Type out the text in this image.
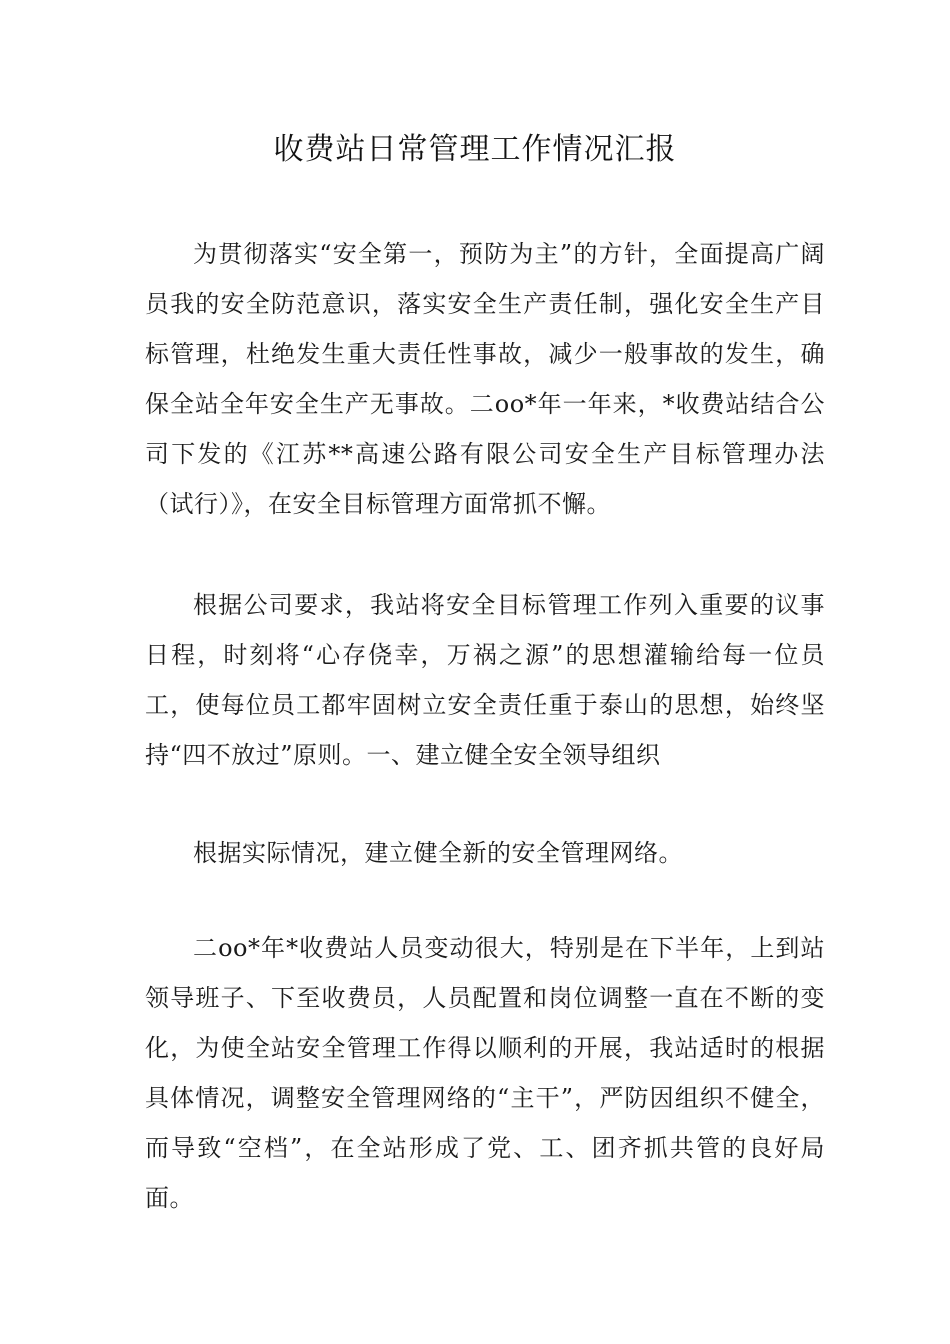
收费站日常管理工作情况汇报

为贯彻落实“安全第一，预防为主”的方针，全面提高广阔员我的安全防范意识，落实安全生产责任制，强化安全生产目标管理，杜绝发生重大责任性事故，减少一般事故的发生，确保全站全年安全生产无事故。二oo*年一年来，*收费站结合公司下发的《江苏**高速公路有限公司安全生产目标管理办法（试行）》，在安全目标管理方面常抓不懈。

根据公司要求，我站将安全目标管理工作列入重要的议事日程，时刻将“心存侥幸，万祸之源”的思想灌输给每一位员工，使每位员工都牢固树立安全责任重于泰山的思想，始终坚持“四不放过”原则。一、建立健全安全领导组织

根据实际情况，建立健全新的安全管理网络。

二oo*年*收费站人员变动很大，特别是在下半年，上到站领导班子、下至收费员，人员配置和岗位调整一直在不断的变化，为使全站安全管理工作得以顺利的开展，我站适时的根据具体情况，调整安全管理网络的“主干”，严防因组织不健全，而导致“空档”，在全站形成了党、工、团齐抓共管的良好局面。
